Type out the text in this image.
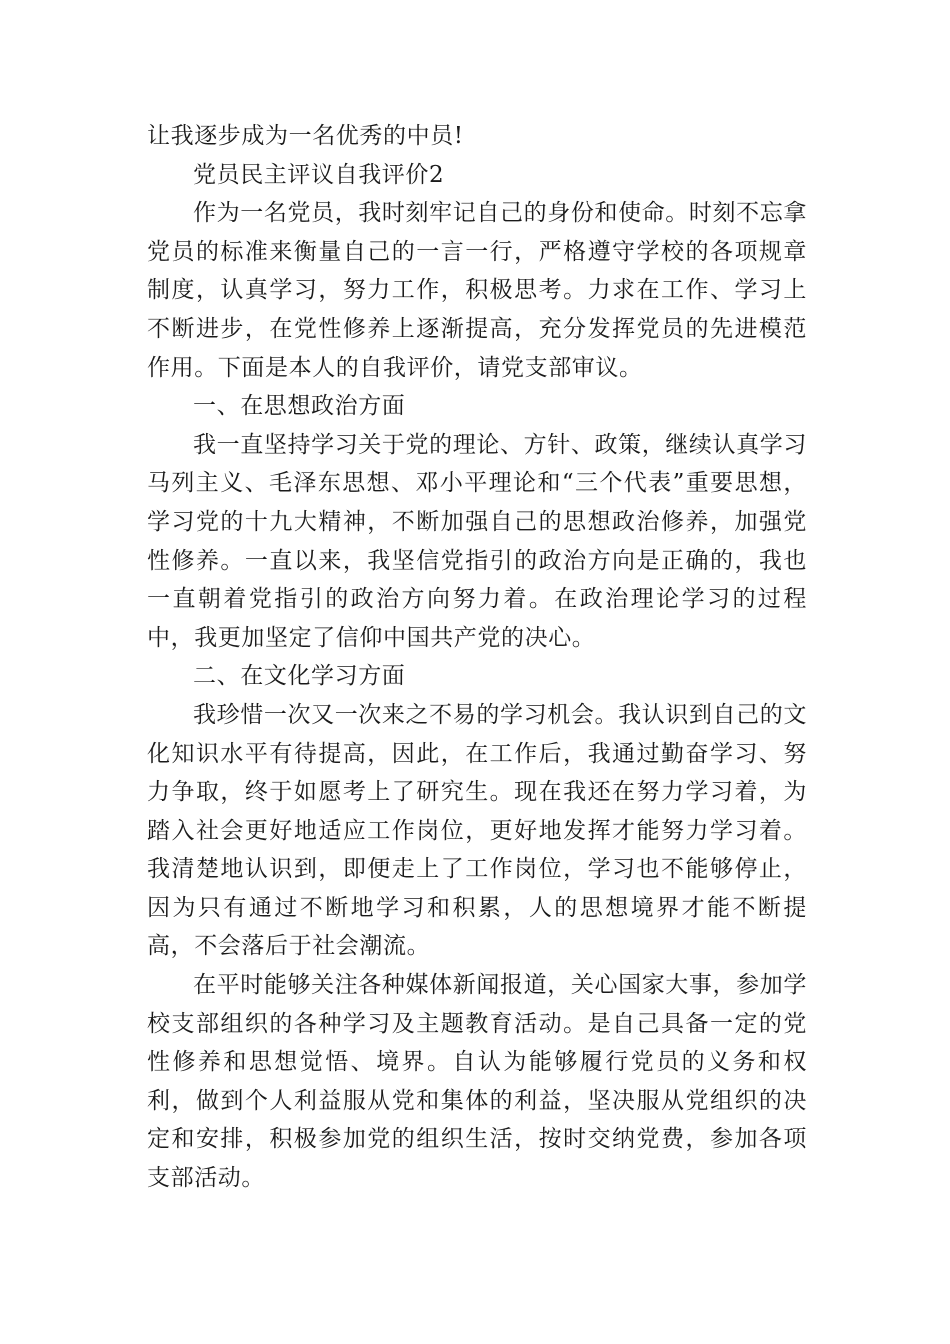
让我逐步成为一名优秀的中员!

党员民主评议自我评价2

作为一名党员，我时刻牢记自己的身份和使命。时刻不忘拿党员的标准来衡量自己的一言一行，严格遵守学校的各项规章制度，认真学习，努力工作，积极思考。力求在工作、学习上不断进步，在党性修养上逐渐提高，充分发挥党员的先进模范作用。下面是本人的自我评价，请党支部审议。

一、在思想政治方面

我一直坚持学习关于党的理论、方针、政策，继续认真学习马列主义、毛泽东思想、邓小平理论和“三个代表”重要思想，学习党的十九大精神，不断加强自己的思想政治修养，加强党性修养。一直以来，我坚信党指引的政治方向是正确的，我也一直朝着党指引的政治方向努力着。在政治理论学习的过程中，我更加坚定了信仰中国共产党的决心。

二、在文化学习方面

我珍惜一次又一次来之不易的学习机会。我认识到自己的文化知识水平有待提高，因此，在工作后，我通过勤奋学习、努力争取，终于如愿考上了研究生。现在我还在努力学习着，为踏入社会更好地适应工作岗位，更好地发挥才能努力学习着。我清楚地认识到，即便走上了工作岗位，学习也不能够停止，因为只有通过不断地学习和积累，人的思想境界才能不断提高，不会落后于社会潮流。

在平时能够关注各种媒体新闻报道，关心国家大事，参加学校支部组织的各种学习及主题教育活动。是自己具备一定的党性修养和思想觉悟、境界。自认为能够履行党员的义务和权利，做到个人利益服从党和集体的利益，坚决服从党组织的决定和安排，积极参加党的组织生活，按时交纳党费，参加各项支部活动。
